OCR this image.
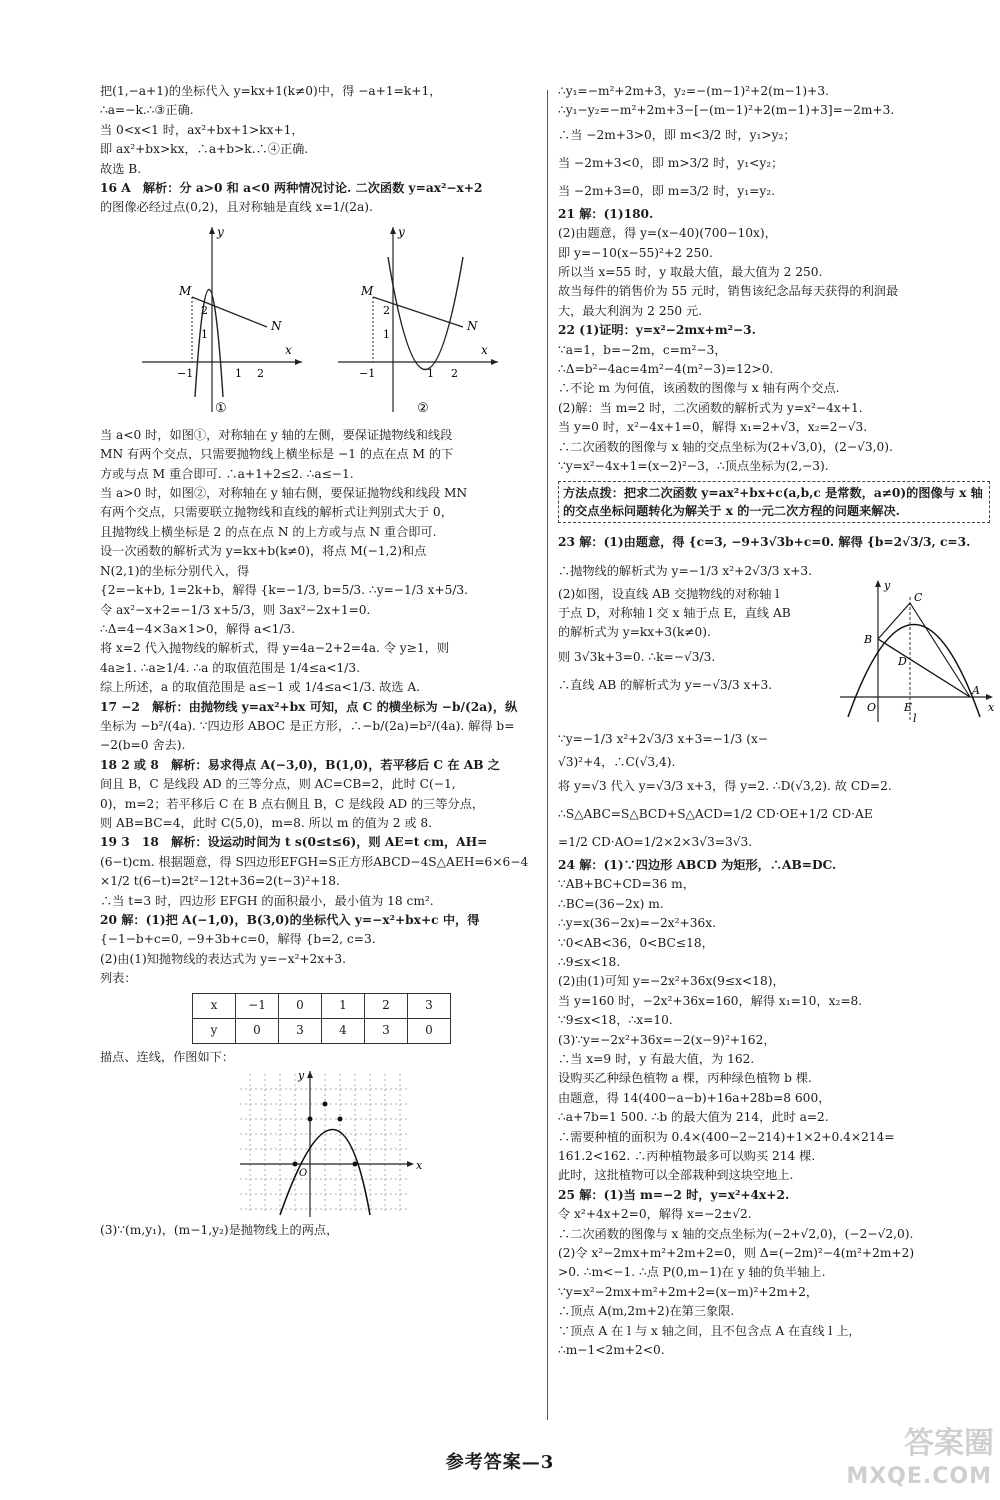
把(1,−a+1)的坐标代入 y=kx+1(k≠0)中，得 −a+1=k+1，
∴a=−k.∴③正确.
当 0<x<1 时，ax²+bx+1>kx+1，
即 ax²+bx>kx，∴a+b>k.∴④正确.
故选 B.
16 A　解析：分 a>0 和 a<0 两种情况讨论. 二次函数 y=ax²−x+2
的图像必经过点(0,2)，且对称轴是直线 x=1/(2a).
x
y
M
N
−1	1 2
2
1
①
x
y
M
N
−1	1 2
2
1
②
当 a<0 时，如图①，对称轴在 y 轴的左侧，要保证抛物线和线段
MN 有两个交点，只需要抛物线上横坐标是 −1 的点在点 M 的下
方或与点 M 重合即可. ∴a+1+2≤2. ∴a≤−1.
当 a>0 时，如图②，对称轴在 y 轴右侧，要保证抛物线和线段 MN
有两个交点，只需要联立抛物线和直线的解析式让判别式大于 0，
且抛物线上横坐标是 2 的点在点 N 的上方或与点 N 重合即可.
设一次函数的解析式为 y=kx+b(k≠0)，将点 M(−1,2)和点
N(2,1)的坐标分别代入，得
{2=−k+b, 1=2k+b，解得 {k=−1/3, b=5/3. ∴y=−1/3 x+5/3.
令 ax²−x+2=−1/3 x+5/3，则 3ax²−2x+1=0.
∴Δ=4−4×3a×1>0，解得 a<1/3.
将 x=2 代入抛物线的解析式，得 y=4a−2+2=4a. 令 y≥1，则
4a≥1. ∴a≥1/4. ∴a 的取值范围是 1/4≤a<1/3.
综上所述，a 的取值范围是 a≤−1 或 1/4≤a<1/3. 故选 A.
17 −2　解析：由抛物线 y=ax²+bx 可知，点 C 的横坐标为 −b/(2a)，纵
坐标为 −b²/(4a). ∵四边形 ABOC 是正方形，∴−b/(2a)=b²/(4a). 解得 b=
−2(b=0 舍去).
18 2 或 8　解析：易求得点 A(−3,0)，B(1,0)，若平移后 C 在 AB 之
间且 B，C 是线段 AD 的三等分点，则 AC=CB=2，此时 C(−1,
0)，m=2；若平移后 C 在 B 点右侧且 B，C 是线段 AD 的三等分点，
则 AB=BC=4，此时 C(5,0)，m=8. 所以 m 的值为 2 或 8.
19 3　18　解析：设运动时间为 t s(0≤t≤6)，则 AE=t cm，AH=
(6−t)cm. 根据题意，得 S四边形EFGH=S正方形ABCD−4S△AEH=6×6−4
×1/2 t(6−t)=2t²−12t+36=2(t−3)²+18.
∴当 t=3 时，四边形 EFGH 的面积最小，最小值为 18 cm².
20 解：(1)把 A(−1,0)，B(3,0)的坐标代入 y=−x²+bx+c 中，得
{−1−b+c=0, −9+3b+c=0，解得 {b=2, c=3.
(2)由(1)知抛物线的表达式为 y=−x²+2x+3.
列表：
x	−1	0	1	2	3
y	0	3	4	3	0
描点、连线，作图如下：
x
y
O
(3)∵(m,y₁)，(m−1,y₂)是抛物线上的两点，
∴y₁=−m²+2m+3，y₂=−(m−1)²+2(m−1)+3.
∴y₁−y₂=−m²+2m+3−[−(m−1)²+2(m−1)+3]=−2m+3.
∴当 −2m+3>0，即 m<3/2 时，y₁>y₂；
当 −2m+3<0，即 m>3/2 时，y₁<y₂；
当 −2m+3=0，即 m=3/2 时，y₁=y₂.
21 解：(1)180.
(2)由题意，得 y=(x−40)(700−10x)，
即 y=−10(x−55)²+2 250.
所以当 x=55 时，y 取最大值，最大值为 2 250.
故当每件的销售价为 55 元时，销售该纪念品每天获得的利润最
大，最大利润为 2 250 元.
22 (1)证明：y=x²−2mx+m²−3.
∵a=1，b=−2m，c=m²−3，
∴Δ=b²−4ac=4m²−4(m²−3)=12>0.
∴不论 m 为何值，该函数的图像与 x 轴有两个交点.
(2)解：当 m=2 时，二次函数的解析式为 y=x²−4x+1.
当 y=0 时，x²−4x+1=0，解得 x₁=2+√3，x₂=2−√3.
∴二次函数的图像与 x 轴的交点坐标为(2+√3,0)，(2−√3,0).
∵y=x²−4x+1=(x−2)²−3，∴顶点坐标为(2,−3).
方法点拨：把求二次函数 y=ax²+bx+c(a,b,c 是常数，a≠0)的图像与 x 轴的交点坐标问题转化为解关于 x 的一元二次方程的问题来解决.
23 解：(1)由题意，得 {c=3, −9+3√3b+c=0. 解得 {b=2√3/3, c=3.
∴抛物线的解析式为 y=−1/3 x²+2√3/3 x+3.
(2)如图，设直线 AB 交抛物线的对称轴 l
于点 D，对称轴 l 交 x 轴于点 E，直线 AB
的解析式为 y=kx+3(k≠0).
则 3√3k+3=0. ∴k=−√3/3.
∴直线 AB 的解析式为 y=−√3/3 x+3.
y
x
B
C
D
O	E
A
l
∵y=−1/3 x²+2√3/3 x+3=−1/3 (x−
√3)²+4，∴C(√3,4).
将 y=√3 代入 y=√3/3 x+3，得 y=2. ∴D(√3,2). 故 CD=2.
∴S△ABC=S△BCD+S△ACD=1/2 CD·OE+1/2 CD·AE
=1/2 CD·AO=1/2×2×3√3=3√3.
24 解：(1)∵四边形 ABCD 为矩形，∴AB=DC.
∵AB+BC+CD=36 m，
∴BC=(36−2x) m.
∴y=x(36−2x)=−2x²+36x.
∵0<AB<36，0<BC≤18，
∴9≤x<18.
(2)由(1)可知 y=−2x²+36x(9≤x<18)，
当 y=160 时，−2x²+36x=160，解得 x₁=10，x₂=8.
∵9≤x<18，∴x=10.
(3)∵y=−2x²+36x=−2(x−9)²+162，
∴当 x=9 时，y 有最大值，为 162.
设购买乙种绿色植物 a 棵，丙种绿色植物 b 棵.
由题意，得 14(400−a−b)+16a+28b=8 600，
∴a+7b=1 500. ∴b 的最大值为 214，此时 a=2.
∴需要种植的面积为 0.4×(400−2−214)+1×2+0.4×214=
161.2<162. ∴丙种植物最多可以购买 214 棵.
此时，这批植物可以全部栽种到这块空地上.
25 解：(1)当 m=−2 时，y=x²+4x+2.
令 x²+4x+2=0，解得 x=−2±√2.
∴二次函数的图像与 x 轴的交点坐标为(−2+√2,0)，(−2−√2,0).
(2)令 x²−2mx+m²+2m+2=0，则 Δ=(−2m)²−4(m²+2m+2)
>0. ∴m<−1. ∴点 P(0,m−1)在 y 轴的负半轴上.
∵y=x²−2mx+m²+2m+2=(x−m)²+2m+2，
∴顶点 A(m,2m+2)在第三象限.
∵顶点 A 在 l 与 x 轴之间，且不包含点 A 在直线 l 上，
∴m−1<2m+2<0.
参考答案—3
答案圈
MXQE.COM
